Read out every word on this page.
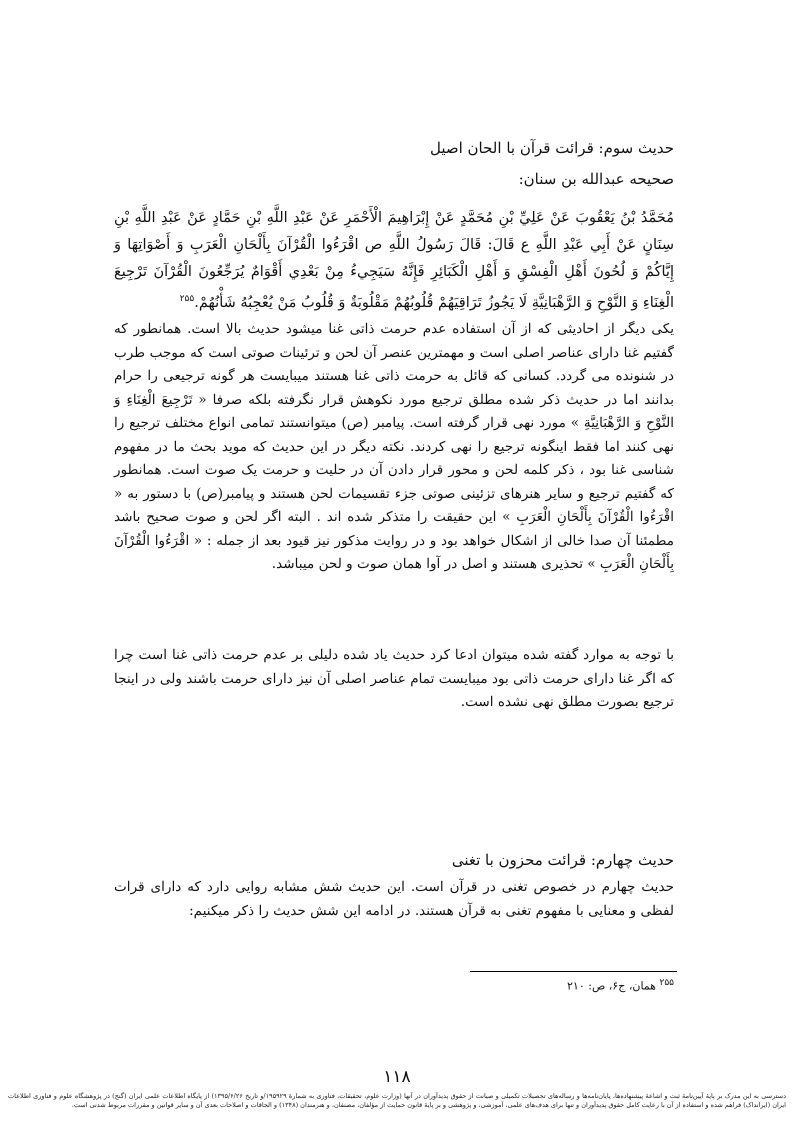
حدیث سوم: قرائت قرآن با الحان اصیل
صحیحه عبدالله بن سنان:
مُحَمَّدُ بْنُ يَعْقُوبَ عَنْ عَلِيِّ بْنِ مُحَمَّدٍ عَنْ إِبْرَاهِيمَ الْأَحْمَرِ عَنْ عَبْدِ اللَّهِ بْنِ حَمَّادٍ عَنْ عَبْدِ اللَّهِ بْنِ سِنَانٍ عَنْ أَبِي عَبْدِ اللَّهِ ع قَالَ: قَالَ رَسُولُ اللَّهِ ص اقْرَءُوا الْقُرْآنَ بِأَلْحَانِ الْعَرَبِ وَ أَصْوَاتِهَا وَ إِيَّاكُمْ وَ لُحُونَ أَهْلِ الْفِسْقِ وَ أَهْلِ الْكَبَائِرِ فَإِنَّهُ سَيَجِيءُ مِنْ بَعْدِي أَقْوَامٌ يُرَجِّعُونَ الْقُرْآنَ تَرْجِيعَ الْغِنَاءِ وَ النَّوْحِ وَ الرَّهْبَانِيَّةِ لَا يَجُوزُ تَرَاقِيَهُمْ قُلُوبُهُمْ مَقْلُوبَةٌ وَ قُلُوبُ مَنْ يُعْجِبُهُ شَأْنُهُمْ.$^{۲۵۵}$
یکی دیگر از احادیثی که از آن استفاده عدم حرمت ذاتی غنا میشود حدیث بالا است. همانطور که گفتیم غنا دارای عناصر اصلی است و مهمترین عنصر آن لحن و ترئینات صوتی است که موجب طرب در شنونده می گردد. کسانی که قائل به حرمت ذاتی غنا هستند میبایست هر گونه ترجیعی را حرام بدانند اما در حدیث ذکر شده مطلق ترجیع مورد نکوهش قرار نگرفته بلکه صرفا « تَرْجِيعَ الْغِنَاءِ وَ النَّوْحِ وَ الرَّهْبَانِيَّةِ » مورد نهی قرار گرفته است. پیامبر (ص) میتوانستند تمامی انواع مختلف ترجیع را نهی کنند اما فقط اینگونه ترجیع را نهی کردند. نکته دیگر در این حدیث که موید بحث ما در مفهوم شناسی غنا بود ، ذکر کلمه لحن و محور قرار دادن آن در حلیت و حرمت یک صوت است. همانطور که گفتیم ترجیع و سایر هنرهای تزئینی صوتی جزء تقسیمات لحن هستند و پیامبر(ص) با دستور به « اقْرَءُوا الْقُرْآنَ بِأَلْحَانِ الْعَرَبِ » این حقیقت را متذکر شده اند . البته اگر لحن و صوت صحیح باشد مطمئنا آن صدا خالی از اشکال خواهد بود و در روایت مذکور نیز قیود بعد از جمله : « اقْرَءُوا الْقُرْآنَ بِأَلْحَانِ الْعَرَبِ » تحذیری هستند و اصل در آوا همان صوت و لحن میباشد.
با توجه به موارد گفته شده میتوان ادعا کرد حدیث یاد شده دلیلی بر عدم حرمت ذاتی غنا است چرا که اگر غنا دارای حرمت ذاتی بود میبایست تمام عناصر اصلی آن نیز دارای حرمت باشند ولی در اینجا ترجیع بصورت مطلق نهی نشده است.
حدیث چهارم: قرائت محزون با تغنی
حدیث چهارم در خصوص تغنی در قرآن است. این حدیث شش مشابه روایی دارد که دارای قرات لفظی و معنایی با مفهوم تغنی به قرآن هستند. در ادامه این شش حدیث را ذکر میکنیم:
$^{۲۵۵}$ همان، ج۶، ص: ۲۱۰
۱۱۸
دسترسی به این مدرک بر پایهٔ آیین‌نامهٔ ثبت و اشاعهٔ پیشنهاده‌ها، پایان‌نامه‌ها و رساله‌های تحصیلات تکمیلی و صیانت از حقوق پدیدآوران در آنها (وزارت علوم، تحقیقات، فناوری به شمارهٔ ۱۹۵۹۲۹/و تاریخ ۱۳۹۵/۶/۲۶) از پایگاه اطلاعات علمی ایران (گنج) در پژوهشگاه علوم و فناوری اطلاعات ایران (ایرانداک) فراهم شده و استفاده از آن با رعایت کامل حقوق پدیدآوران و تنها برای هدف‌های علمی، آموزشی، و پژوهشی و بر پایهٔ قانون حمایت از مؤلفان، مصنفان، و هنرمندان (۱۳۴۸) و الحاقات و اصلاحات بعدی آن و سایر قوانین و مقررات مربوط شدنی است.
